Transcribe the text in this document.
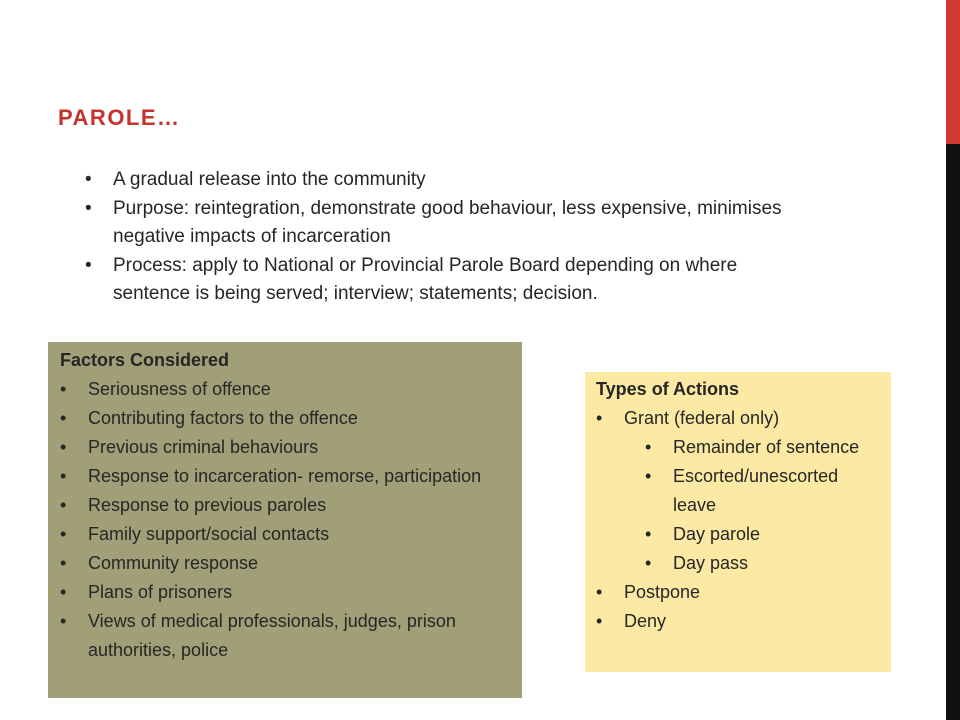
PAROLE…
• A gradual release into the community
• Purpose: reintegration, demonstrate good behaviour, less expensive, minimises negative impacts of incarceration
• Process: apply to National or Provincial Parole Board depending on where sentence is being served; interview; statements; decision.
Factors Considered
• Seriousness of offence
• Contributing factors to the offence
• Previous criminal behaviours
• Response to incarceration- remorse, participation
• Response to previous paroles
• Family support/social contacts
• Community response
• Plans of prisoners
• Views of medical professionals, judges, prison authorities, police
Types of Actions
• Grant (federal only)
• Remainder of sentence
• Escorted/unescorted leave
• Day parole
• Day pass
• Postpone
• Deny
